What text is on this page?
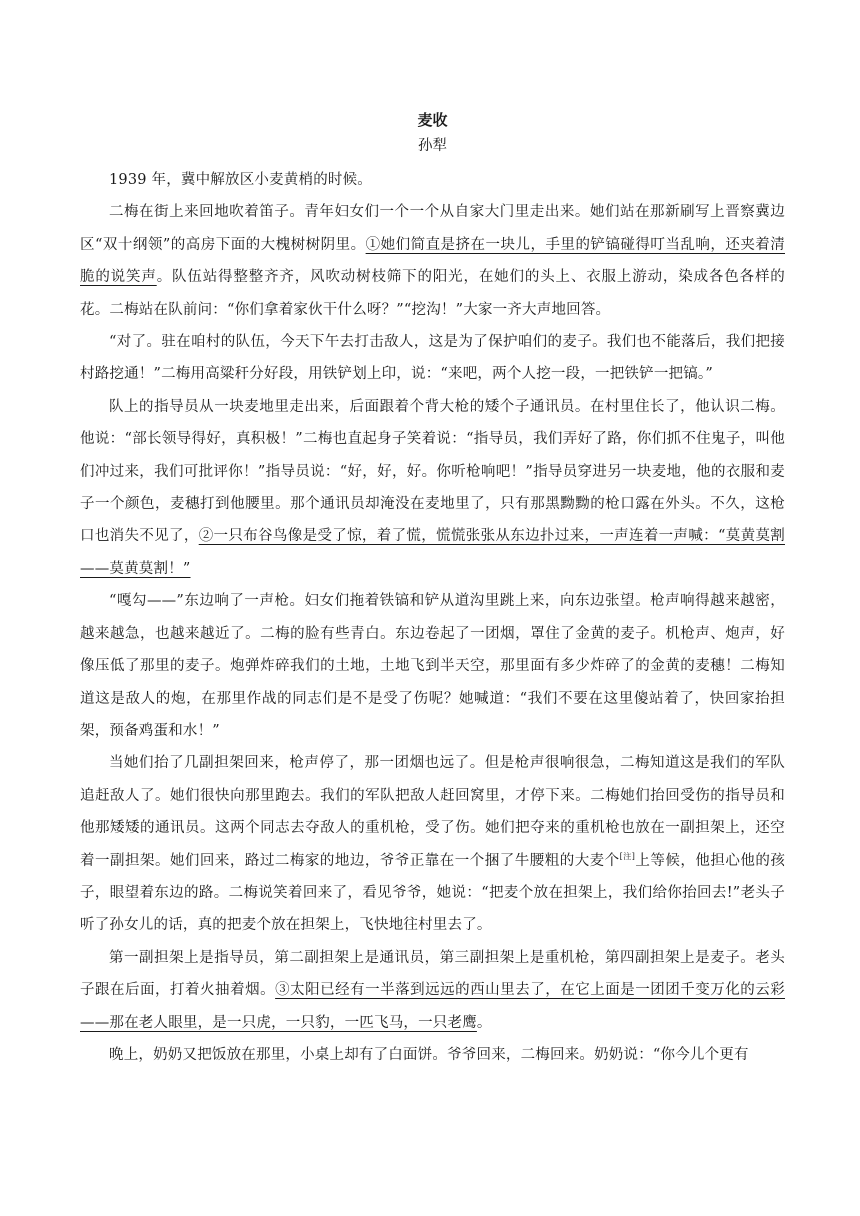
麦收
孙犁

1939 年，冀中解放区小麦黄梢的时候。

二梅在街上来回地吹着笛子。青年妇女们一个一个从自家大门里走出来。她们站在那新刷写上晋察冀边区“双十纲领”的高房下面的大槐树树阴里。①她们简直是挤在一块儿，手里的铲镐碰得叮当乱响，还夹着清脆的说笑声。队伍站得整整齐齐，风吹动树枝筛下的阳光，在她们的头上、衣服上游动，染成各色各样的花。二梅站在队前问：“你们拿着家伙干什么呀？”“挖沟！”大家一齐大声地回答。

“对了。驻在咱村的队伍，今天下午去打击敌人，这是为了保护咱们的麦子。我们也不能落后，我们把接村路挖通！”二梅用高粱秆分好段，用铁铲划上印，说：“来吧，两个人挖一段，一把铁铲一把镐。”

队上的指导员从一块麦地里走出来，后面跟着个背大枪的矮个子通讯员。在村里住长了，他认识二梅。他说：“部长领导得好，真积极！”二梅也直起身子笑着说：“指导员，我们弄好了路，你们抓不住鬼子，叫他们冲过来，我们可批评你！”指导员说：“好，好，好。你听枪响吧！”指导员穿进另一块麦地，他的衣服和麦子一个颜色，麦穗打到他腰里。那个通讯员却淹没在麦地里了，只有那黑黝黝的枪口露在外头。不久，这枪口也消失不见了，②一只布谷鸟像是受了惊，着了慌，慌慌张张从东边扑过来，一声连着一声喊：“莫黄莫割——莫黄莫割！”

“嘎勾——”东边响了一声枪。妇女们拖着铁镐和铲从道沟里跳上来，向东边张望。枪声响得越来越密，越来越急，也越来越近了。二梅的脸有些青白。东边卷起了一团烟，罩住了金黄的麦子。机枪声、炮声，好像压低了那里的麦子。炮弹炸碎我们的土地，土地飞到半天空，那里面有多少炸碎了的金黄的麦穗！二梅知道这是敌人的炮，在那里作战的同志们是不是受了伤呢？她喊道：“我们不要在这里傻站着了，快回家抬担架，预备鸡蛋和水！”

当她们抬了几副担架回来，枪声停了，那一团烟也远了。但是枪声很响很急，二梅知道这是我们的军队追赶敌人了。她们很快向那里跑去。我们的军队把敌人赶回窝里，才停下来。二梅她们抬回受伤的指导员和他那矮矮的通讯员。这两个同志去夺敌人的重机枪，受了伤。她们把夺来的重机枪也放在一副担架上，还空着一副担架。她们回来，路过二梅家的地边，爷爷正靠在一个捆了牛腰粗的大麦个[注]上等候，他担心他的孩子，眼望着东边的路。二梅说笑着回来了，看见爷爷，她说：“把麦个放在担架上，我们给你抬回去!”老头子听了孙女儿的话，真的把麦个放在担架上，飞快地往村里去了。

第一副担架上是指导员，第二副担架上是通讯员，第三副担架上是重机枪，第四副担架上是麦子。老头子跟在后面，打着火抽着烟。③太阳已经有一半落到远远的西山里去了，在它上面是一团团千变万化的云彩——那在老人眼里，是一只虎，一只豹，一匹飞马，一只老鹰。

晚上，奶奶又把饭放在那里，小桌上却有了白面饼。爷爷回来，二梅回来。奶奶说：“你今儿个更有
